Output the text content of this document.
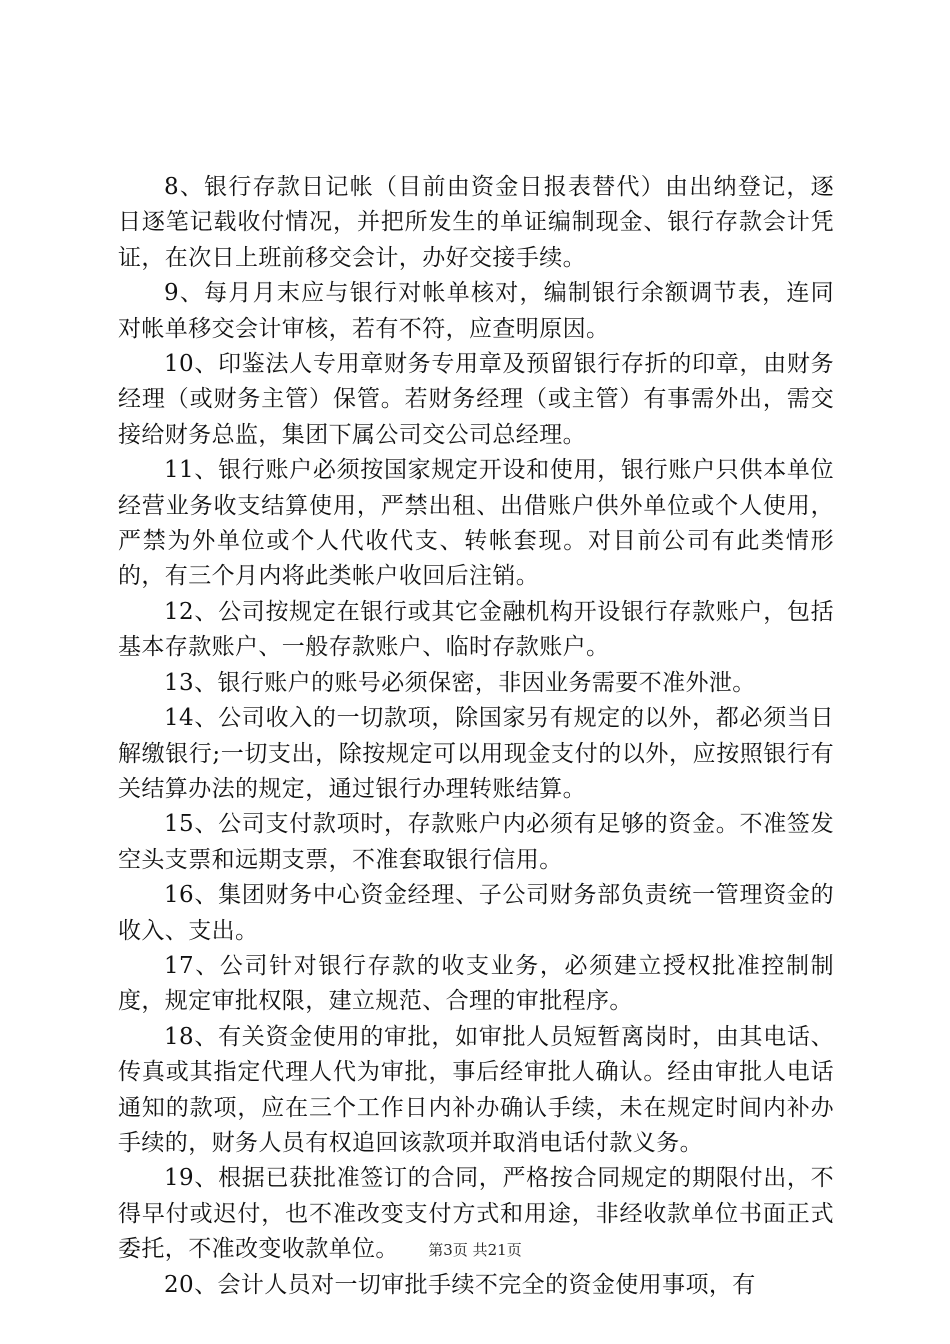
8、银行存款日记帐（目前由资金日报表替代）由出纳登记，逐日逐笔记载收付情况，并把所发生的单证编制现金、银行存款会计凭证，在次日上班前移交会计，办好交接手续。

9、每月月末应与银行对帐单核对，编制银行余额调节表，连同对帐单移交会计审核，若有不符，应查明原因。

10、印鉴法人专用章财务专用章及预留银行存折的印章，由财务经理（或财务主管）保管。若财务经理（或主管）有事需外出，需交接给财务总监，集团下属公司交公司总经理。

11、银行账户必须按国家规定开设和使用，银行账户只供本单位经营业务收支结算使用，严禁出租、出借账户供外单位或个人使用，严禁为外单位或个人代收代支、转帐套现。对目前公司有此类情形的，有三个月内将此类帐户收回后注销。

12、公司按规定在银行或其它金融机构开设银行存款账户，包括基本存款账户、一般存款账户、临时存款账户。

13、银行账户的账号必须保密，非因业务需要不准外泄。

14、公司收入的一切款项，除国家另有规定的以外，都必须当日解缴银行;一切支出，除按规定可以用现金支付的以外，应按照银行有关结算办法的规定，通过银行办理转账结算。

15、公司支付款项时，存款账户内必须有足够的资金。不准签发空头支票和远期支票，不准套取银行信用。

16、集团财务中心资金经理、子公司财务部负责统一管理资金的收入、支出。

17、公司针对银行存款的收支业务，必须建立授权批准控制制度，规定审批权限，建立规范、合理的审批程序。

18、有关资金使用的审批，如审批人员短暂离岗时，由其电话、传真或其指定代理人代为审批，事后经审批人确认。经由审批人电话通知的款项，应在三个工作日内补办确认手续，未在规定时间内补办手续的，财务人员有权追回该款项并取消电话付款义务。

19、根据已获批准签订的合同，严格按合同规定的期限付出，不得早付或迟付，也不准改变支付方式和用途，非经收款单位书面正式委托，不准改变收款单位。

20、会计人员对一切审批手续不完全的资金使用事项，有

第3页 共21页
